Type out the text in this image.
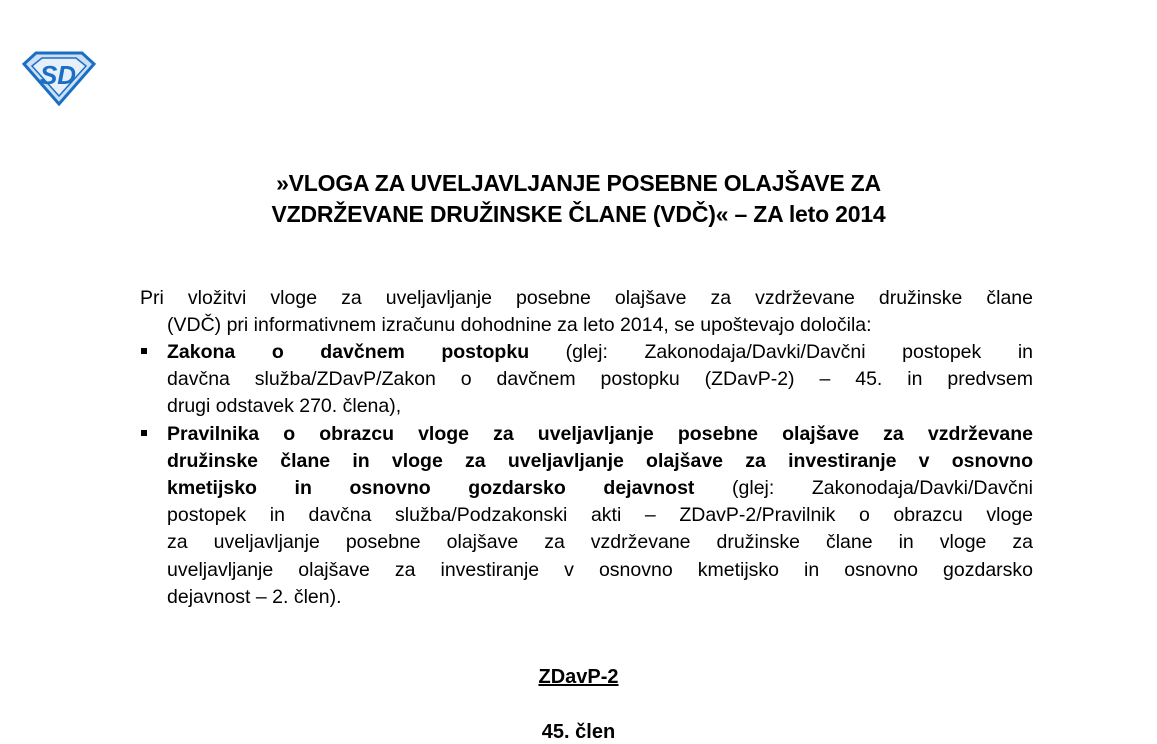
SD
»VLOGA ZA UVELJAVLJANJE POSEBNE OLAJŠAVE ZA
VZDRŽEVANE DRUŽINSKE ČLANE (VDČ)« – ZA leto 2014
Pri vložitvi vloge za uveljavljanje posebne olajšave za vzdrževane družinske člane
(VDČ) pri informativnem izračunu dohodnine za leto 2014, se upoštevajo določila:
Zakona o davčnem postopku (glej: Zakonodaja/Davki/Davčni postopek in
davčna služba/ZDavP/Zakon o davčnem postopku (ZDavP-2) – 45. in predvsem
drugi odstavek 270. člena),
Pravilnika o obrazcu vloge za uveljavljanje posebne olajšave za vzdrževane
družinske člane in vloge za uveljavljanje olajšave za investiranje v osnovno
kmetijsko in osnovno gozdarsko dejavnost (glej: Zakonodaja/Davki/Davčni
postopek in davčna služba/Podzakonski akti – ZDavP-2/Pravilnik o obrazcu vloge
za uveljavljanje posebne olajšave za vzdrževane družinske člane in vloge za
uveljavljanje olajšave za investiranje v osnovno kmetijsko in osnovno gozdarsko
dejavnost – 2. člen).
ZDavP-2
45. člen
